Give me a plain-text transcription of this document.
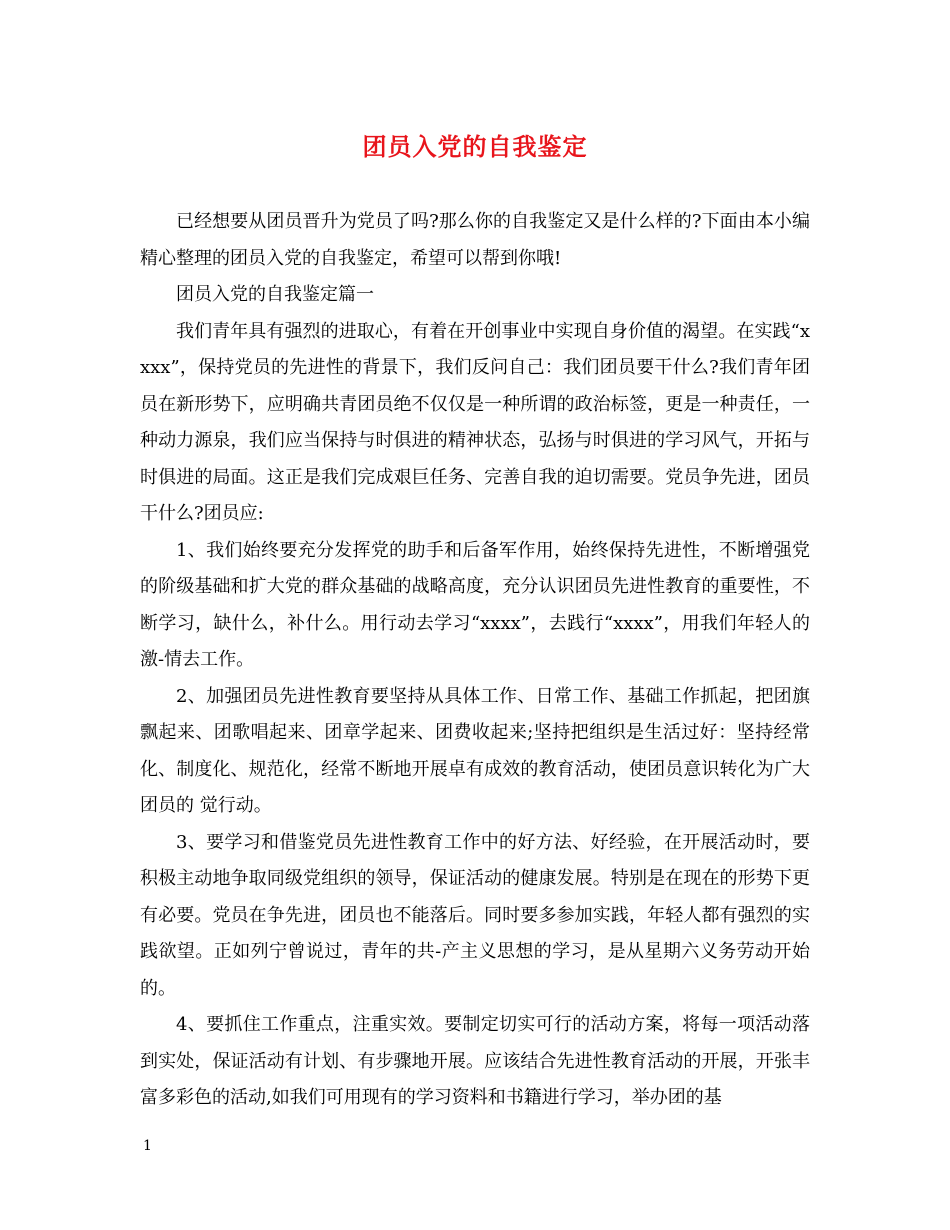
团员入党的自我鉴定

已经想要从团员晋升为党员了吗?那么你的自我鉴定又是什么样的?下面由本小编精心整理的团员入党的自我鉴定，希望可以帮到你哦!

团员入党的自我鉴定篇一

我们青年具有强烈的进取心，有着在开创事业中实现自身价值的渴望。在实践“xxxx”，保持党员的先进性的背景下，我们反问自己：我们团员要干什么?我们青年团员在新形势下，应明确共青团员绝不仅仅是一种所谓的政治标签，更是一种责任，一种动力源泉，我们应当保持与时俱进的精神状态，弘扬与时俱进的学习风气，开拓与时俱进的局面。这正是我们完成艰巨任务、完善自我的迫切需要。党员争先进，团员干什么?团员应:

1、我们始终要充分发挥党的助手和后备军作用，始终保持先进性，不断增强党的阶级基础和扩大党的群众基础的战略高度，充分认识团员先进性教育的重要性，不断学习，缺什么，补什么。用行动去学习“xxxx”，去践行“xxxx”，用我们年轻人的激-情去工作。

2、加强团员先进性教育要坚持从具体工作、日常工作、基础工作抓起，把团旗飘起来、团歌唱起来、团章学起来、团费收起来;坚持把组织是生活过好：坚持经常化、制度化、规范化，经常不断地开展卓有成效的教育活动，使团员意识转化为广大团员的 觉行动。

3、要学习和借鉴党员先进性教育工作中的好方法、好经验，在开展活动时，要积极主动地争取同级党组织的领导，保证活动的健康发展。特别是在现在的形势下更有必要。党员在争先进，团员也不能落后。同时要多参加实践，年轻人都有强烈的实践欲望。正如列宁曾说过，青年的共-产主义思想的学习，是从星期六义务劳动开始的。

4、要抓住工作重点，注重实效。要制定切实可行的活动方案，将每一项活动落到实处，保证活动有计划、有步骤地开展。应该结合先进性教育活动的开展，开张丰富多彩色的活动,如我们可用现有的学习资料和书籍进行学习，举办团的基

1
